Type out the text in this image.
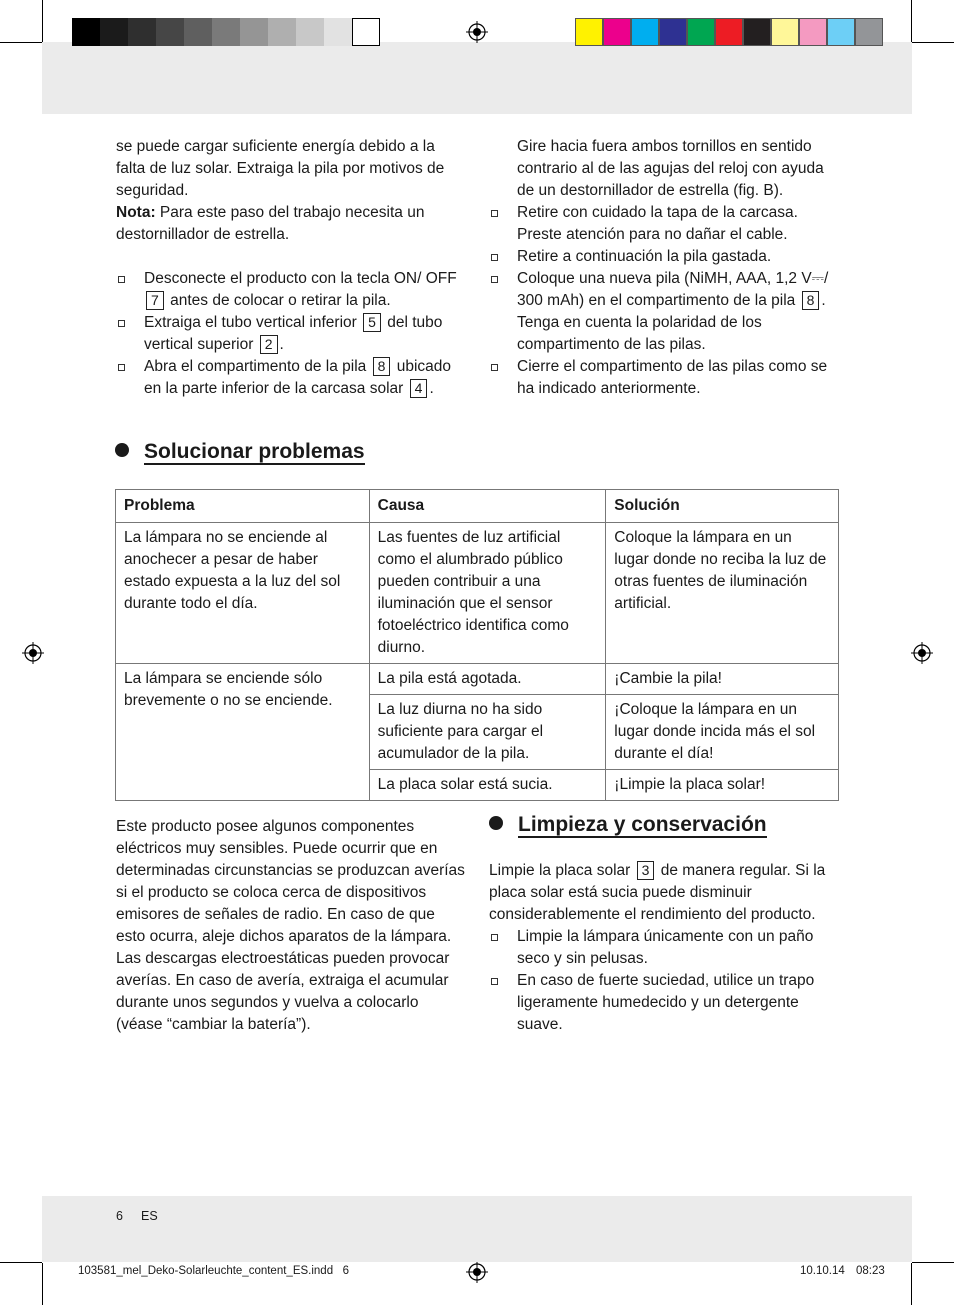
se puede cargar suficiente energía debido a la falta de luz solar. Extraiga la pila por motivos de seguridad.

Nota: Para este paso del trabajo necesita un destornillador de estrella.

Desconecte el producto con la tecla ON/ OFF 7 antes de colocar o retirar la pila.
Extraiga el tubo vertical inferior 5 del tubo vertical superior 2 .
Abra el compartimento de la pila 8 ubicado en la parte inferior de la carcasa solar 4 .

Gire hacia fuera ambos tornillos en sentido contrario al de las agujas del reloj con ayuda de un destornillador de estrella (fig. B).

Retire con cuidado la tapa de la carcasa. Preste atención para no dañar el cable.
Retire a continuación la pila gastada.
Coloque una nueva pila (NiMH, AAA, 1,2 V⎓/ 300 mAh) en el compartimento de la pila 8 . Tenga en cuenta la polaridad de los compartimento de las pilas.
Cierre el compartimento de las pilas como se ha indicado anteriormente.
Solucionar problemas
Problema	Causa	Solución
La lámpara no se enciende al anochecer a pesar de haber estado expuesta a la luz del sol durante todo el día.	Las fuentes de luz artificial como el alumbrado público pueden contribuir a una iluminación que el sensor fotoeléctrico identifica como diurno.	Coloque la lámpara en un lugar donde no reciba la luz de otras fuentes de iluminación artificial.
La lámpara se enciende sólo brevemente o no se enciende.	La pila está agotada.	¡Cambie la pila!
	La luz diurna no ha sido suficiente para cargar el acumulador de la pila.	¡Coloque la lámpara en un lugar donde incida más el sol durante el día!
	La placa solar está sucia.	¡Limpie la placa solar!

Este producto posee algunos componentes eléctricos muy sensibles. Puede ocurrir que en determinadas circunstancias se produzcan averías si el producto se coloca cerca de dispositivos emisores de señales de radio. En caso de que esto ocurra, aleje dichos aparatos de la lámpara.

Las descargas electroestáticas pueden provocar averías. En caso de avería, extraiga el acumular durante unos segundos y vuelva a colocarlo (véase “cambiar la batería”).

Limpieza y conservación

Limpie la placa solar 3 de manera regular. Si la placa solar está sucia puede disminuir considerablemente el rendimiento del producto.

Limpie la lámpara únicamente con un paño seco y sin pelusas.
En caso de fuerte suciedad, utilice un trapo ligeramente humedecido y un detergente suave.
6 ES
103581_mel_Deko-Solarleuchte_content_ES.indd   6	10.10.14 08:23
